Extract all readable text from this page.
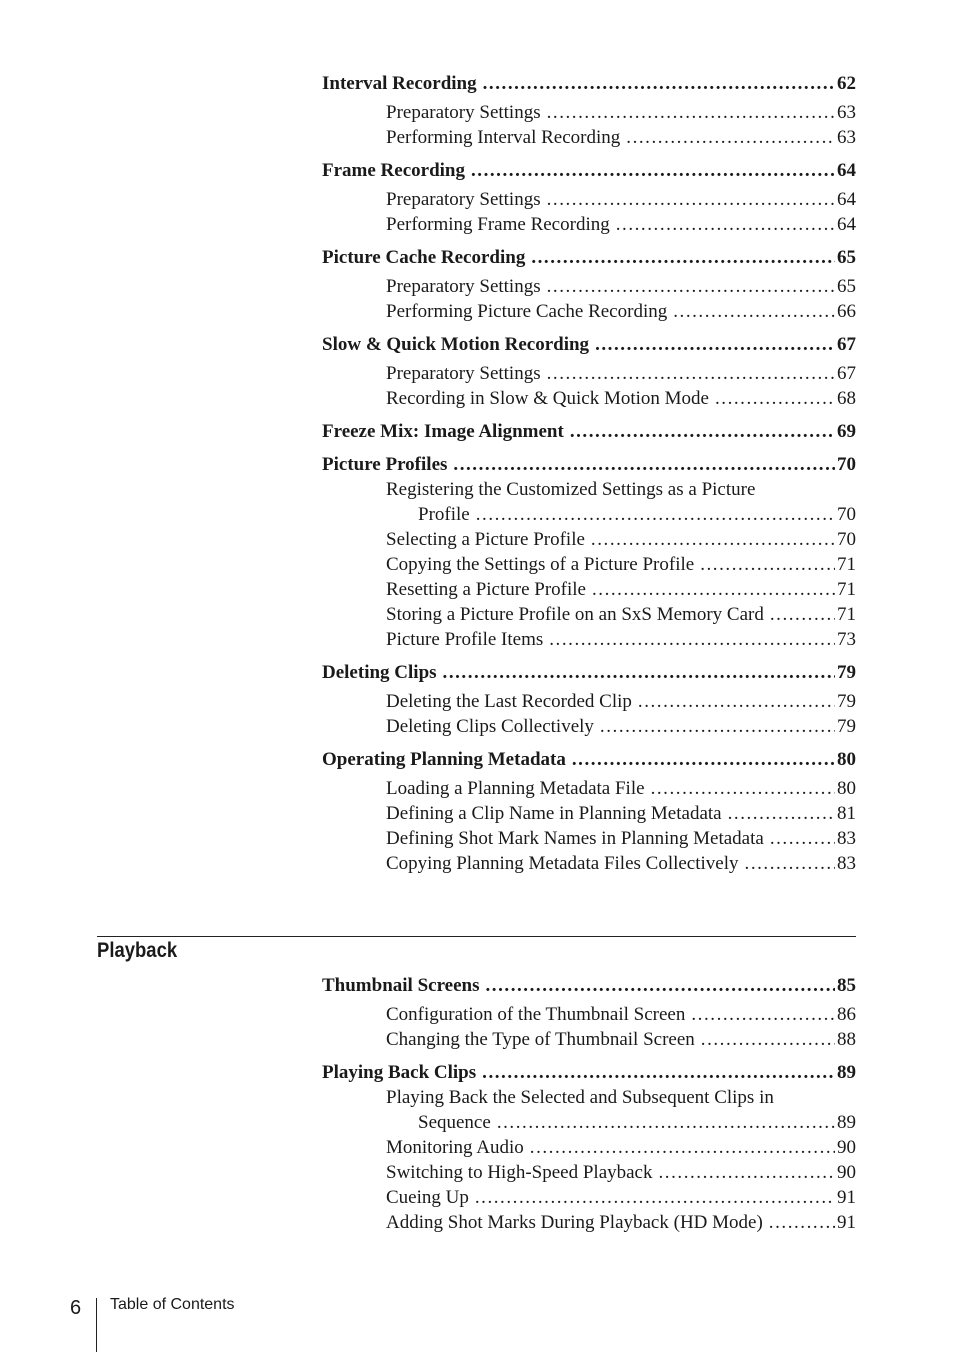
Interval Recording . . .	62
Preparatory Settings . . .	63
Performing Interval Recording . . .	63
Frame Recording . . .	64
Preparatory Settings . . .	64
Performing Frame Recording . . .	64
Picture Cache Recording . . .	65
Preparatory Settings . . .	65
Performing Picture Cache Recording . . .	66
Slow & Quick Motion Recording . . .	67
Preparatory Settings . . .	67
Recording in Slow & Quick Motion Mode . . .	68
Freeze Mix: Image Alignment . . .	69
Picture Profiles . . .	70
Registering the Customized Settings as a Picture
Profile . . .	70
Selecting a Picture Profile . . .	70
Copying the Settings of a Picture Profile . . .	71
Resetting a Picture Profile . . .	71
Storing a Picture Profile on an SxS Memory Card . . .	71
Picture Profile Items . . .	73
Deleting Clips . . .	79
Deleting the Last Recorded Clip . . .	79
Deleting Clips Collectively . . .	79
Operating Planning Metadata . . .	80
Loading a Planning Metadata File . . .	80
Defining a Clip Name in Planning Metadata . . .	81
Defining Shot Mark Names in Planning Metadata . . .	83
Copying Planning Metadata Files Collectively . . .	83
Playback
Thumbnail Screens . . .	85
Configuration of the Thumbnail Screen . . .	86
Changing the Type of Thumbnail Screen . . .	88
Playing Back Clips . . .	89
Playing Back the Selected and Subsequent Clips in
Sequence . . .	89
Monitoring Audio . . .	90
Switching to High-Speed Playback . . .	90
Cueing Up . . .	91
Adding Shot Marks During Playback (HD Mode) . . .	91
6 Table of Contents
